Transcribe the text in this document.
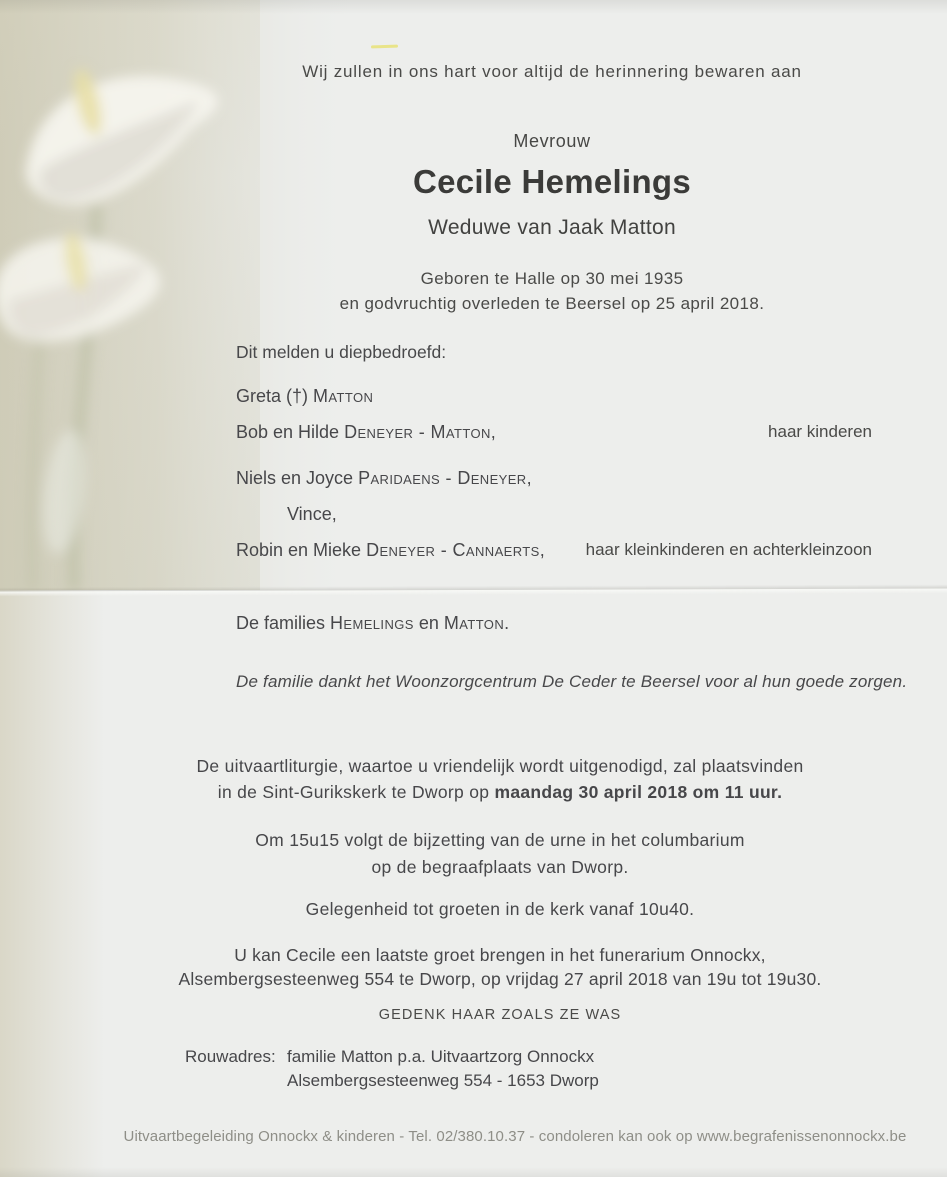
Wij zullen in ons hart voor altijd de herinnering bewaren aan
Mevrouw
Cecile Hemelings
Weduwe van Jaak Matton
Geboren te Halle op 30 mei 1935
en godvruchtig overleden te Beersel op 25 april 2018.
Dit melden u diepbedroefd:
Greta (†) Matton
Bob en Hilde Deneyer - Matton,	haar kinderen
Niels en Joyce Paridaens - Deneyer,
Vince,
Robin en Mieke Deneyer - Cannaerts, haar kleinkinderen en achterkleinzoon
De families Hemelings en Matton.
De familie dankt het Woonzorgcentrum De Ceder te Beersel voor al hun goede zorgen.
De uitvaartliturgie, waartoe u vriendelijk wordt uitgenodigd, zal plaatsvinden
in de Sint-Gurikskerk te Dworp op maandag 30 april 2018 om 11 uur.
Om 15u15 volgt de bijzetting van de urne in het columbarium
op de begraafplaats van Dworp.
Gelegenheid tot groeten in de kerk vanaf 10u40.
U kan Cecile een laatste groet brengen in het funerarium Onnockx,
Alsembergsesteenweg 554 te Dworp, op vrijdag 27 april 2018 van 19u tot 19u30.
GEDENK HAAR ZOALS ZE WAS
Rouwadres: familie Matton p.a. Uitvaartzorg Onnockx
Alsembergsesteenweg 554 - 1653 Dworp
Uitvaartbegeleiding Onnockx & kinderen - Tel. 02/380.10.37 - condoleren kan ook op www.begrafenissenonnockx.be
